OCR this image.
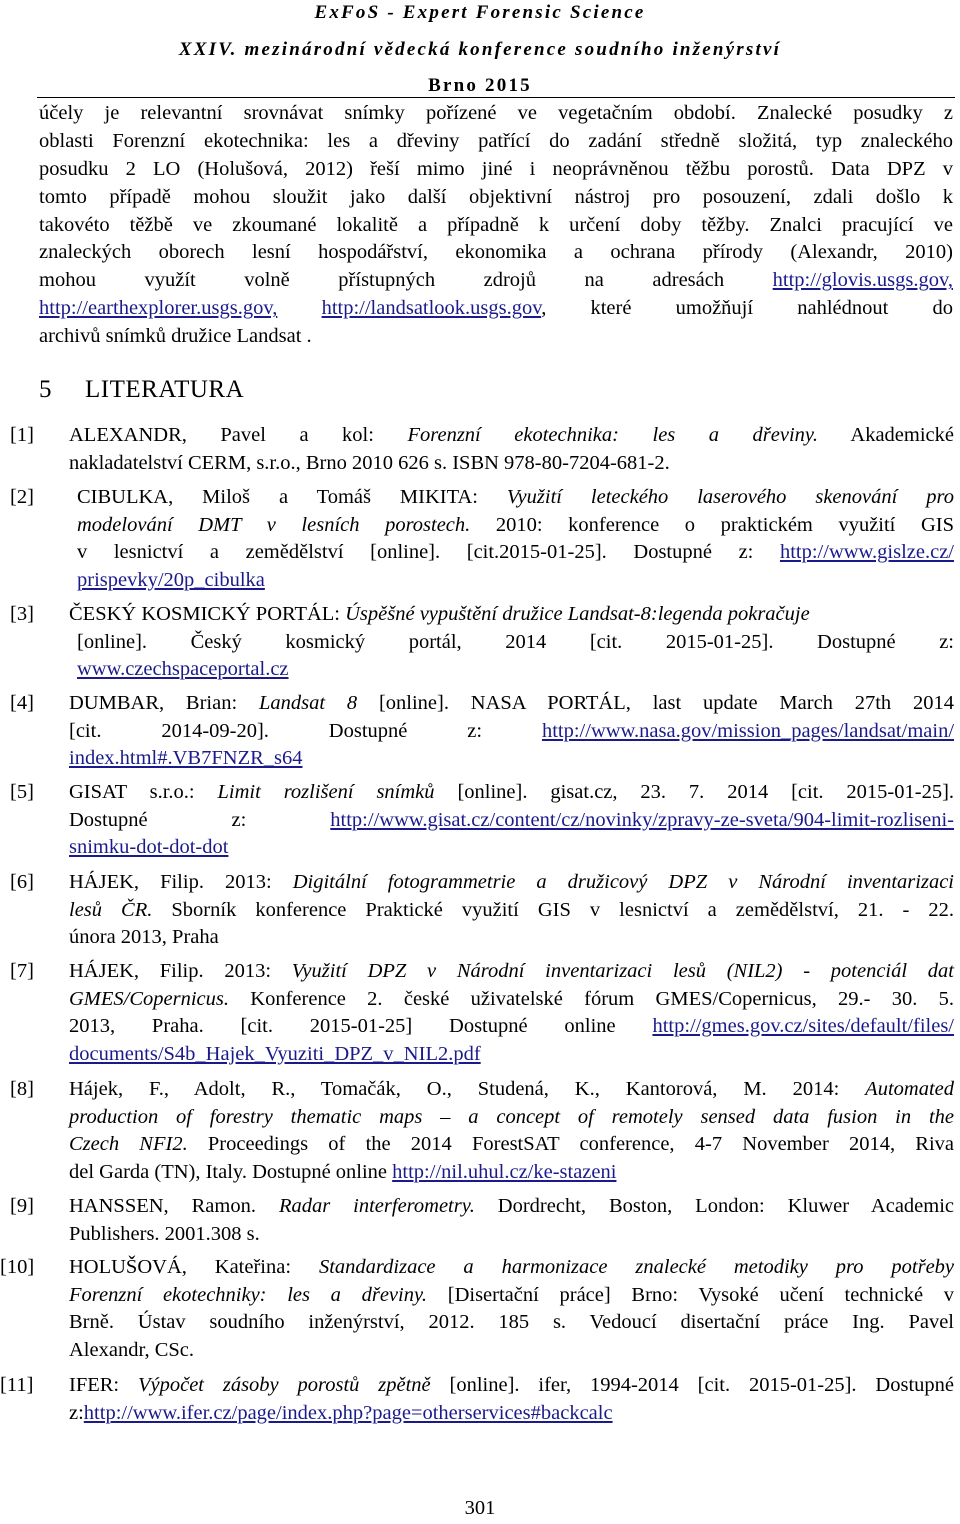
ExFoS - Expert Forensic Science
XXIV. mezinárodní vědecká konference soudního inženýrství
Brno 2015
účely je relevantní srovnávat snímky pořízené ve vegetačním období. Znalecké posudky z
oblasti Forenzní ekotechnika: les a dřeviny patřící do zadání středně složitá, typ znaleckého
posudku 2 LO (Holušová, 2012) řeší mimo jiné i neoprávněnou těžbu porostů. Data DPZ v
tomto případě mohou sloužit jako další objektivní nástroj pro posouzení, zdali došlo k
takovéto těžbě ve zkoumané lokalitě a případně k určení doby těžby. Znalci pracující ve
znaleckých oborech lesní hospodářství, ekonomika a ochrana přírody (Alexandr, 2010)
mohou využít volně přístupných zdrojů na adresách http://glovis.usgs.gov,
http://earthexplorer.usgs.gov, http://landsatlook.usgs.gov, které umožňují nahlédnout do
archivů snímků družice Landsat .
5 LITERATURA
[1] ALEXANDR, Pavel a kol: Forenzní ekotechnika: les a dřeviny. Akademické
nakladatelství CERM, s.r.o., Brno 2010 626 s. ISBN 978-80-7204-681-2.
[2] CIBULKA, Miloš a Tomáš MIKITA: Využití leteckého laserového skenování pro
modelování DMT v lesních porostech. 2010: konference o praktickém využití GIS
v lesnictví a zemědělství [online]. [cit.2015-01-25]. Dostupné z: http://www.gislze.cz/
prispevky/20p_cibulka
[3] ČESKÝ KOSMICKÝ PORTÁL: Úspěšné vypuštění družice Landsat-8:legenda pokračuje
[online]. Český kosmický portál, 2014 [cit. 2015-01-25]. Dostupné z:
www.czechspaceportal.cz
[4] DUMBAR, Brian: Landsat 8 [online]. NASA PORTÁL, last update March 27th 2014
[cit. 2014-09-20]. Dostupné z:	http://www.nasa.gov/mission_pages/landsat/main/
index.html#.VB7FNZR_s64
[5] GISAT s.r.o.: Limit rozlišení snímků [online]. gisat.cz, 23. 7. 2014 [cit. 2015-01-25].
Dostupné z:	http://www.gisat.cz/content/cz/novinky/zpravy-ze-sveta/904-limit-rozliseni-
snimku-dot-dot-dot
[6] HÁJEK, Filip. 2013: Digitální fotogrammetrie a družicový DPZ v Národní inventarizaci
lesů ČR. Sborník konference Praktické využití GIS v lesnictví a zemědělství, 21. - 22.
února 2013, Praha
[7] HÁJEK, Filip. 2013: Využití DPZ v Národní inventarizaci lesů (NIL2) - potenciál dat
GMES/Copernicus. Konference 2. české uživatelské fórum GMES/Copernicus, 29.- 30. 5.
2013, Praha. [cit. 2015-01-25] Dostupné online http://gmes.gov.cz/sites/default/files/
documents/S4b_Hajek_Vyuziti_DPZ_v_NIL2.pdf
[8] Hájek, F., Adolt, R., Tomačák, O., Studená, K., Kantorová, M. 2014: Automated
production of forestry thematic maps – a concept of remotely sensed data fusion in the
Czech NFI2. Proceedings of the 2014 ForestSAT conference, 4-7 November 2014, Riva
del Garda (TN), Italy. Dostupné online http://nil.uhul.cz/ke-stazeni
[9] HANSSEN, Ramon. Radar interferometry. Dordrecht, Boston, London: Kluwer Academic
Publishers. 2001.308 s.
[10] HOLUŠOVÁ, Kateřina: Standardizace a harmonizace znalecké metodiky pro potřeby
Forenzní ekotechniky: les a dřeviny. [Disertační práce] Brno: Vysoké učení technické v
Brně. Ústav soudního inženýrství, 2012. 185 s. Vedoucí disertační práce Ing. Pavel
Alexandr, CSc.
[11] IFER: Výpočet zásoby porostů zpětně [online]. ifer, 1994-2014 [cit. 2015-01-25]. Dostupné
z:http://www.ifer.cz/page/index.php?page=otherservices#backcalc
301
